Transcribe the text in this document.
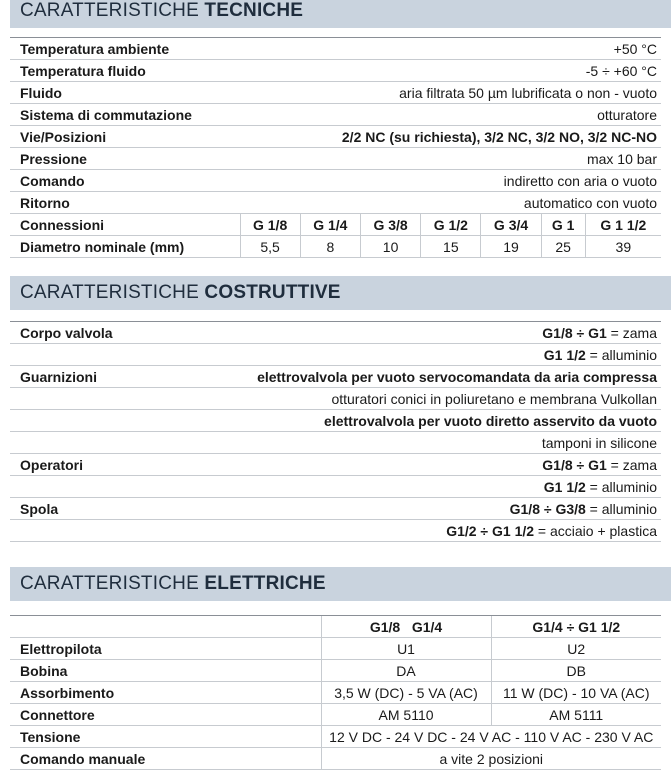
CARATTERISTICHE TECNICHE
Temperatura ambiente	+50 °C						
Temperatura fluido	-5 ÷ +60 °C						
Fluido	aria filtrata 50 µm lubrificata o non - vuoto						
Sistema di commutazione	otturatore						
Vie/Posizioni	2/2 NC (su richiesta), 3/2 NC, 3/2 NO, 3/2 NC-NO						
Pressione	max 10 bar						
Comando	indiretto con aria o vuoto						
Ritorno	automatico con vuoto						
Connessioni	G 1/8	G 1/4	G 3/8	G 1/2	G 3/4	G 1	G 1 1/2
Diametro nominale (mm)	5,5	8	10	15	19	25	39
CARATTERISTICHE COSTRUTTIVE
Corpo valvola	G1/8 ÷ G1 = zama
	G1 1/2 = alluminio
Guarnizioni	elettrovalvola per vuoto servocomandata da aria compressa
	otturatori conici in poliuretano e membrana Vulkollan
	elettrovalvola per vuoto diretto asservito da vuoto
	tamponi in silicone
Operatori	G1/8 ÷ G1 = zama
	G1 1/2 = alluminio
Spola	G1/8 ÷ G3/8 = alluminio
	G1/2 ÷ G1 1/2 = acciaio + plastica
CARATTERISTICHE ELETTRICHE
	G1/8   G1/4	G1/4 ÷ G1 1/2
Elettropilota	U1	U2
Bobina	DA	DB
Assorbimento	3,5 W (DC) - 5 VA (AC)	11 W (DC) - 10 VA (AC)
Connettore	AM 5110	AM 5111
Tensione	12 V DC - 24 V DC - 24 V AC - 110 V AC - 230 V AC	
Comando manuale	a vite 2 posizioni	
